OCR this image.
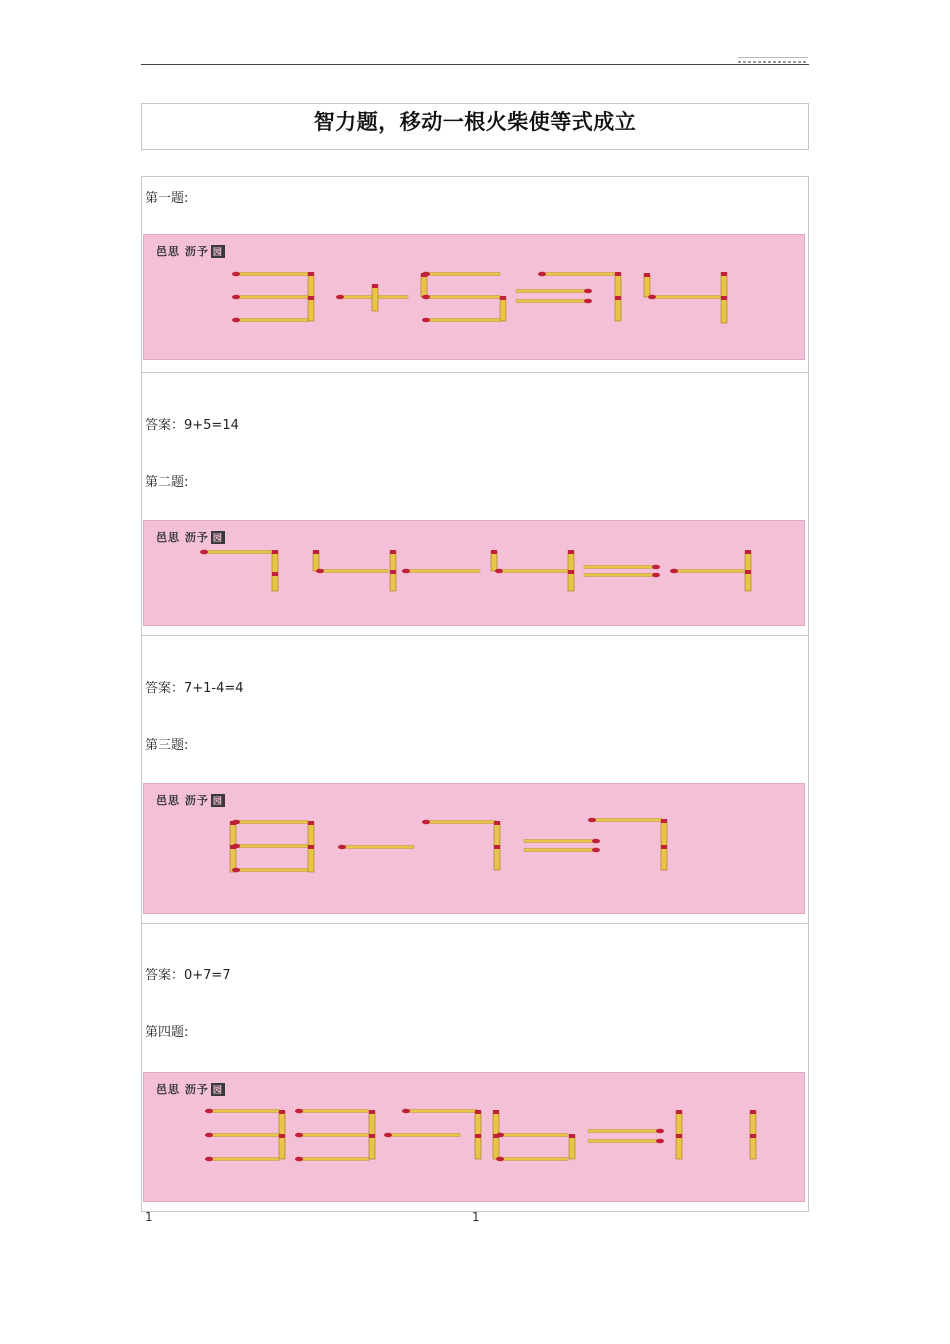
智力题，移动一根火柴使等式成立
第一题:
邑思 沥予 园
答案：9+5=14
第二题:
邑思 沥予 园
答案：7+1-4=4
第三题:
邑思 沥予 园
答案：0+7=7
第四题:
邑思 沥予 园
1	1
